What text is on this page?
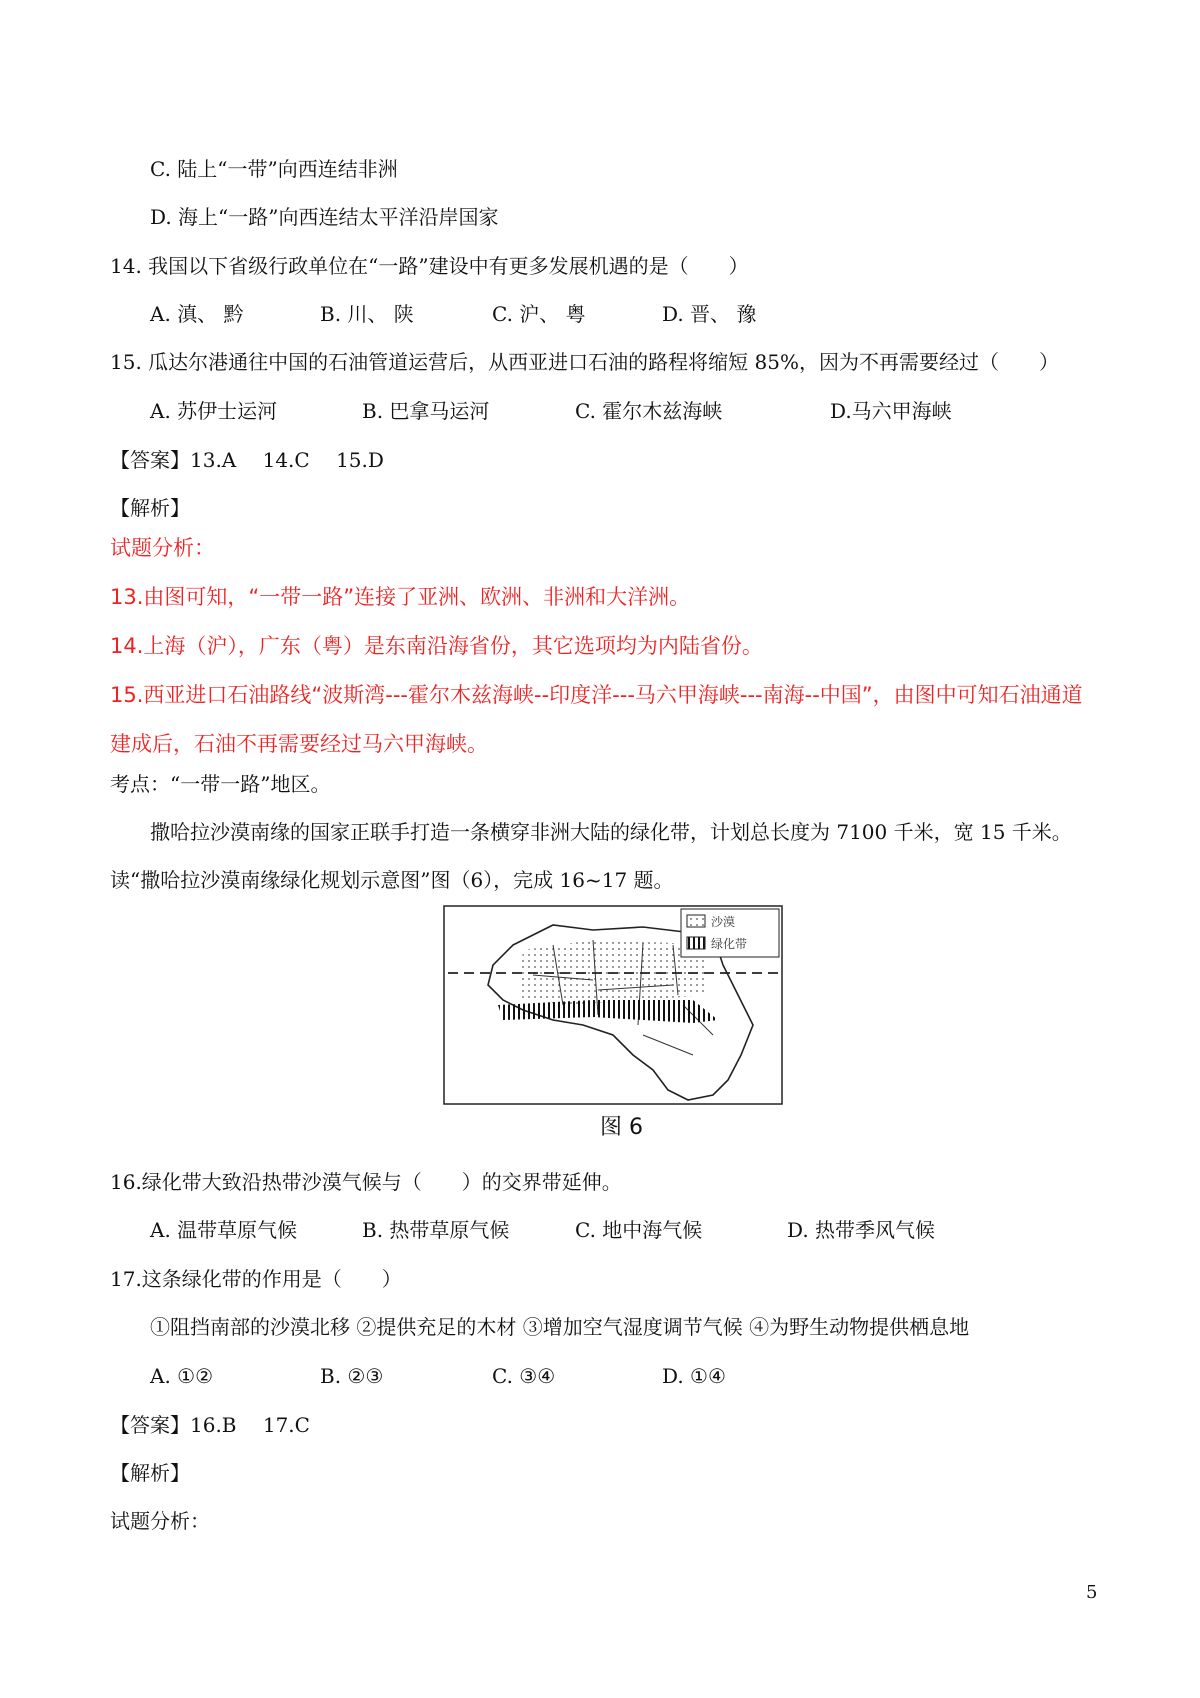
C. 陆上“一带”向西连结非洲
D. 海上“一路”向西连结太平洋沿岸国家
14. 我国以下省级行政单位在“一路”建设中有更多发展机遇的是（　　）
A. 滇、 黔	B. 川、 陕	C. 沪、 粤	D. 晋、 豫
15. 瓜达尔港通往中国的石油管道运营后，从西亚进口石油的路程将缩短 85%，因为不再需要经过（　　）
A. 苏伊士运河	B. 巴拿马运河	C. 霍尔木兹海峡	D.马六甲海峡
【答案】13.A　 14.C　 15.D
【解析】
试题分析：
13.由图可知，“一带一路”连接了亚洲、欧洲、非洲和大洋洲。
14.上海（沪），广东（粤）是东南沿海省份，其它选项均为内陆省份。
15.西亚进口石油路线“波斯湾---霍尔木兹海峡--印度洋---马六甲海峡---南海--中国”，由图中可知石油通道
建成后，石油不再需要经过马六甲海峡。
考点：“一带一路”地区。
撒哈拉沙漠南缘的国家正联手打造一条横穿非洲大陆的绿化带，计划总长度为 7100 千米，宽 15 千米。
读“撒哈拉沙漠南缘绿化规划示意图”图（6），完成 16~17 题。
沙漠
绿化带
图 6
16.绿化带大致沿热带沙漠气候与（　　）的交界带延伸。
A. 温带草原气候	B. 热带草原气候	C. 地中海气候	D. 热带季风气候
17.这条绿化带的作用是（　　）
①阻挡南部的沙漠北移 ②提供充足的木材 ③增加空气湿度调节气候 ④为野生动物提供栖息地
A. ①②	B. ②③	C. ③④	D. ①④
【答案】16.B　 17.C
【解析】
试题分析：
5
